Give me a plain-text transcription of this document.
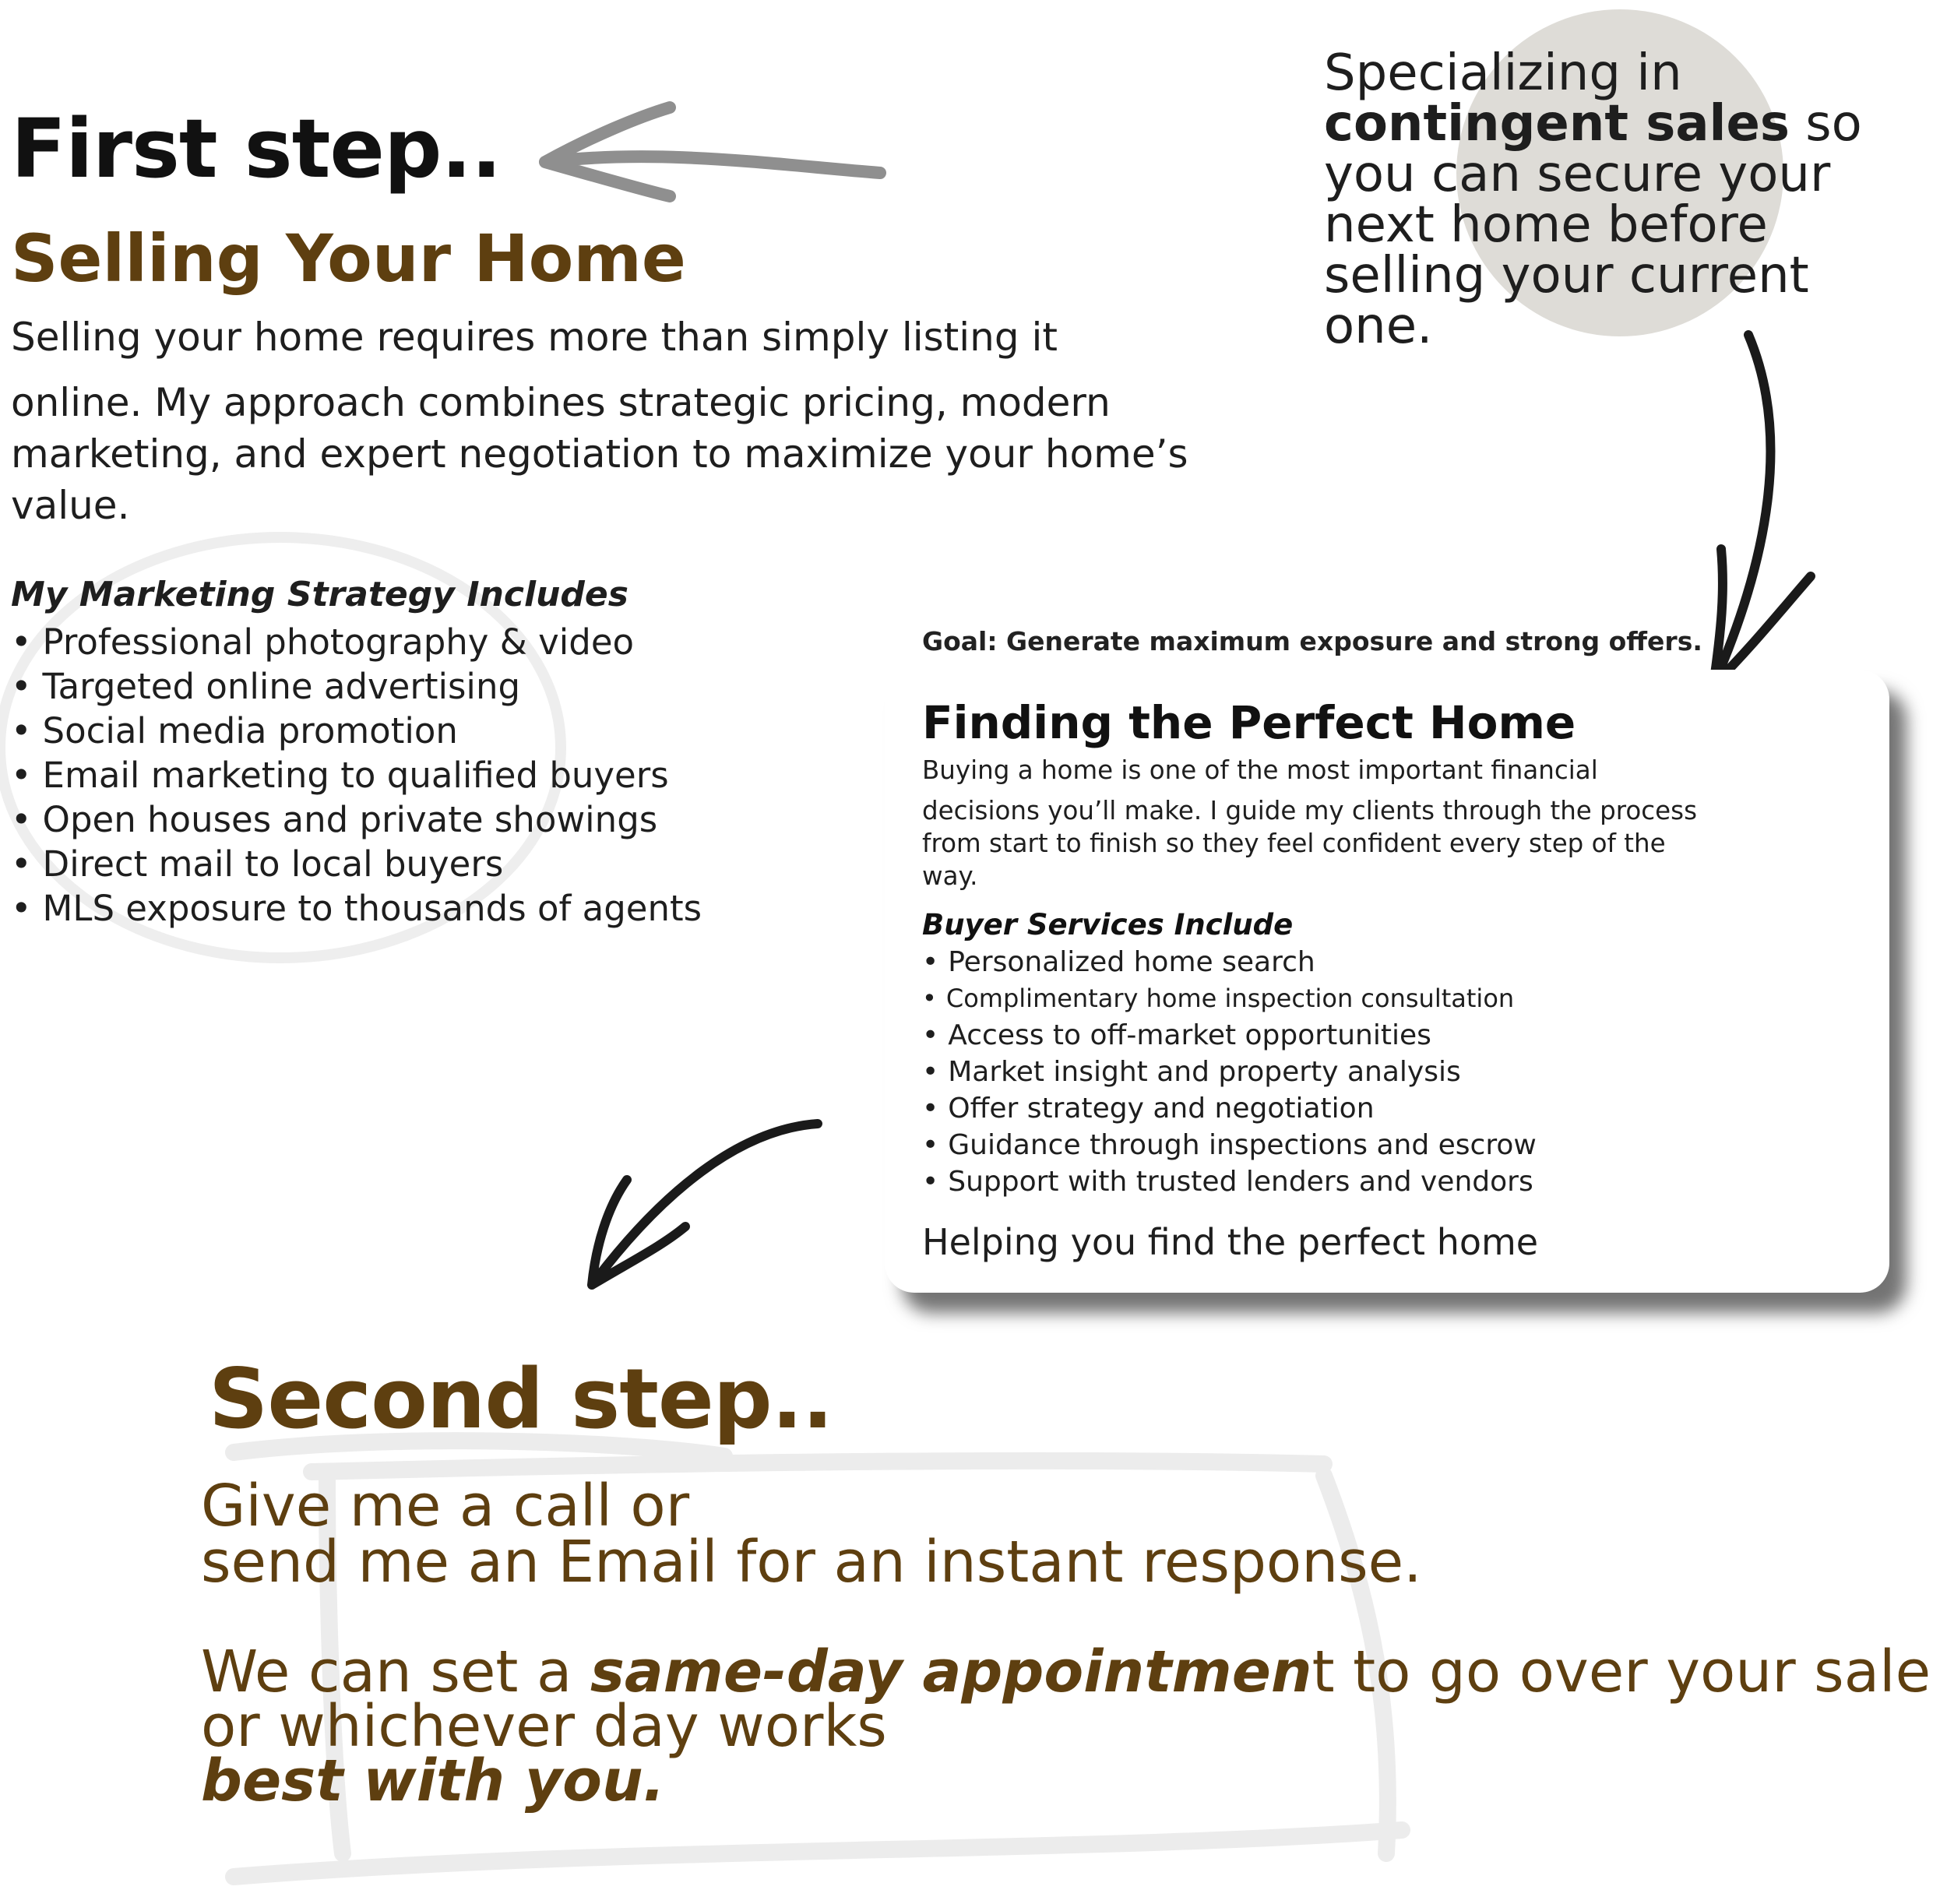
First step..
Selling Your Home
Selling your home requires more than simply listing it
online. My approach combines strategic pricing, modern marketing, and expert negotiation to maximize your home’s value.
My Marketing Strategy Includes
• Professional photography & video
• Targeted online advertising
• Social media promotion
• Email marketing to qualified buyers
• Open houses and private showings
• Direct mail to local buyers
• MLS exposure to thousands of agents
Specializing in
contingent sales so you can secure your next home before selling your current one.
Goal: Generate maximum exposure and strong offers.
Finding the Perfect Home
Buying a home is one of the most important financial
decisions you’ll make. I guide my clients through the process from start to finish so they feel confident every step of the way.
Buyer Services Include
• Personalized home search
• Complimentary home inspection consultation
• Access to off-market opportunities
• Market insight and property analysis
• Offer strategy and negotiation
• Guidance through inspections and escrow
• Support with trusted lenders and vendors
Helping you find the perfect home
Second step..
Give me a call or
send me an Email for an instant response.
We can set a same-day appointment to go over your sale or whichever day works
best with you.
